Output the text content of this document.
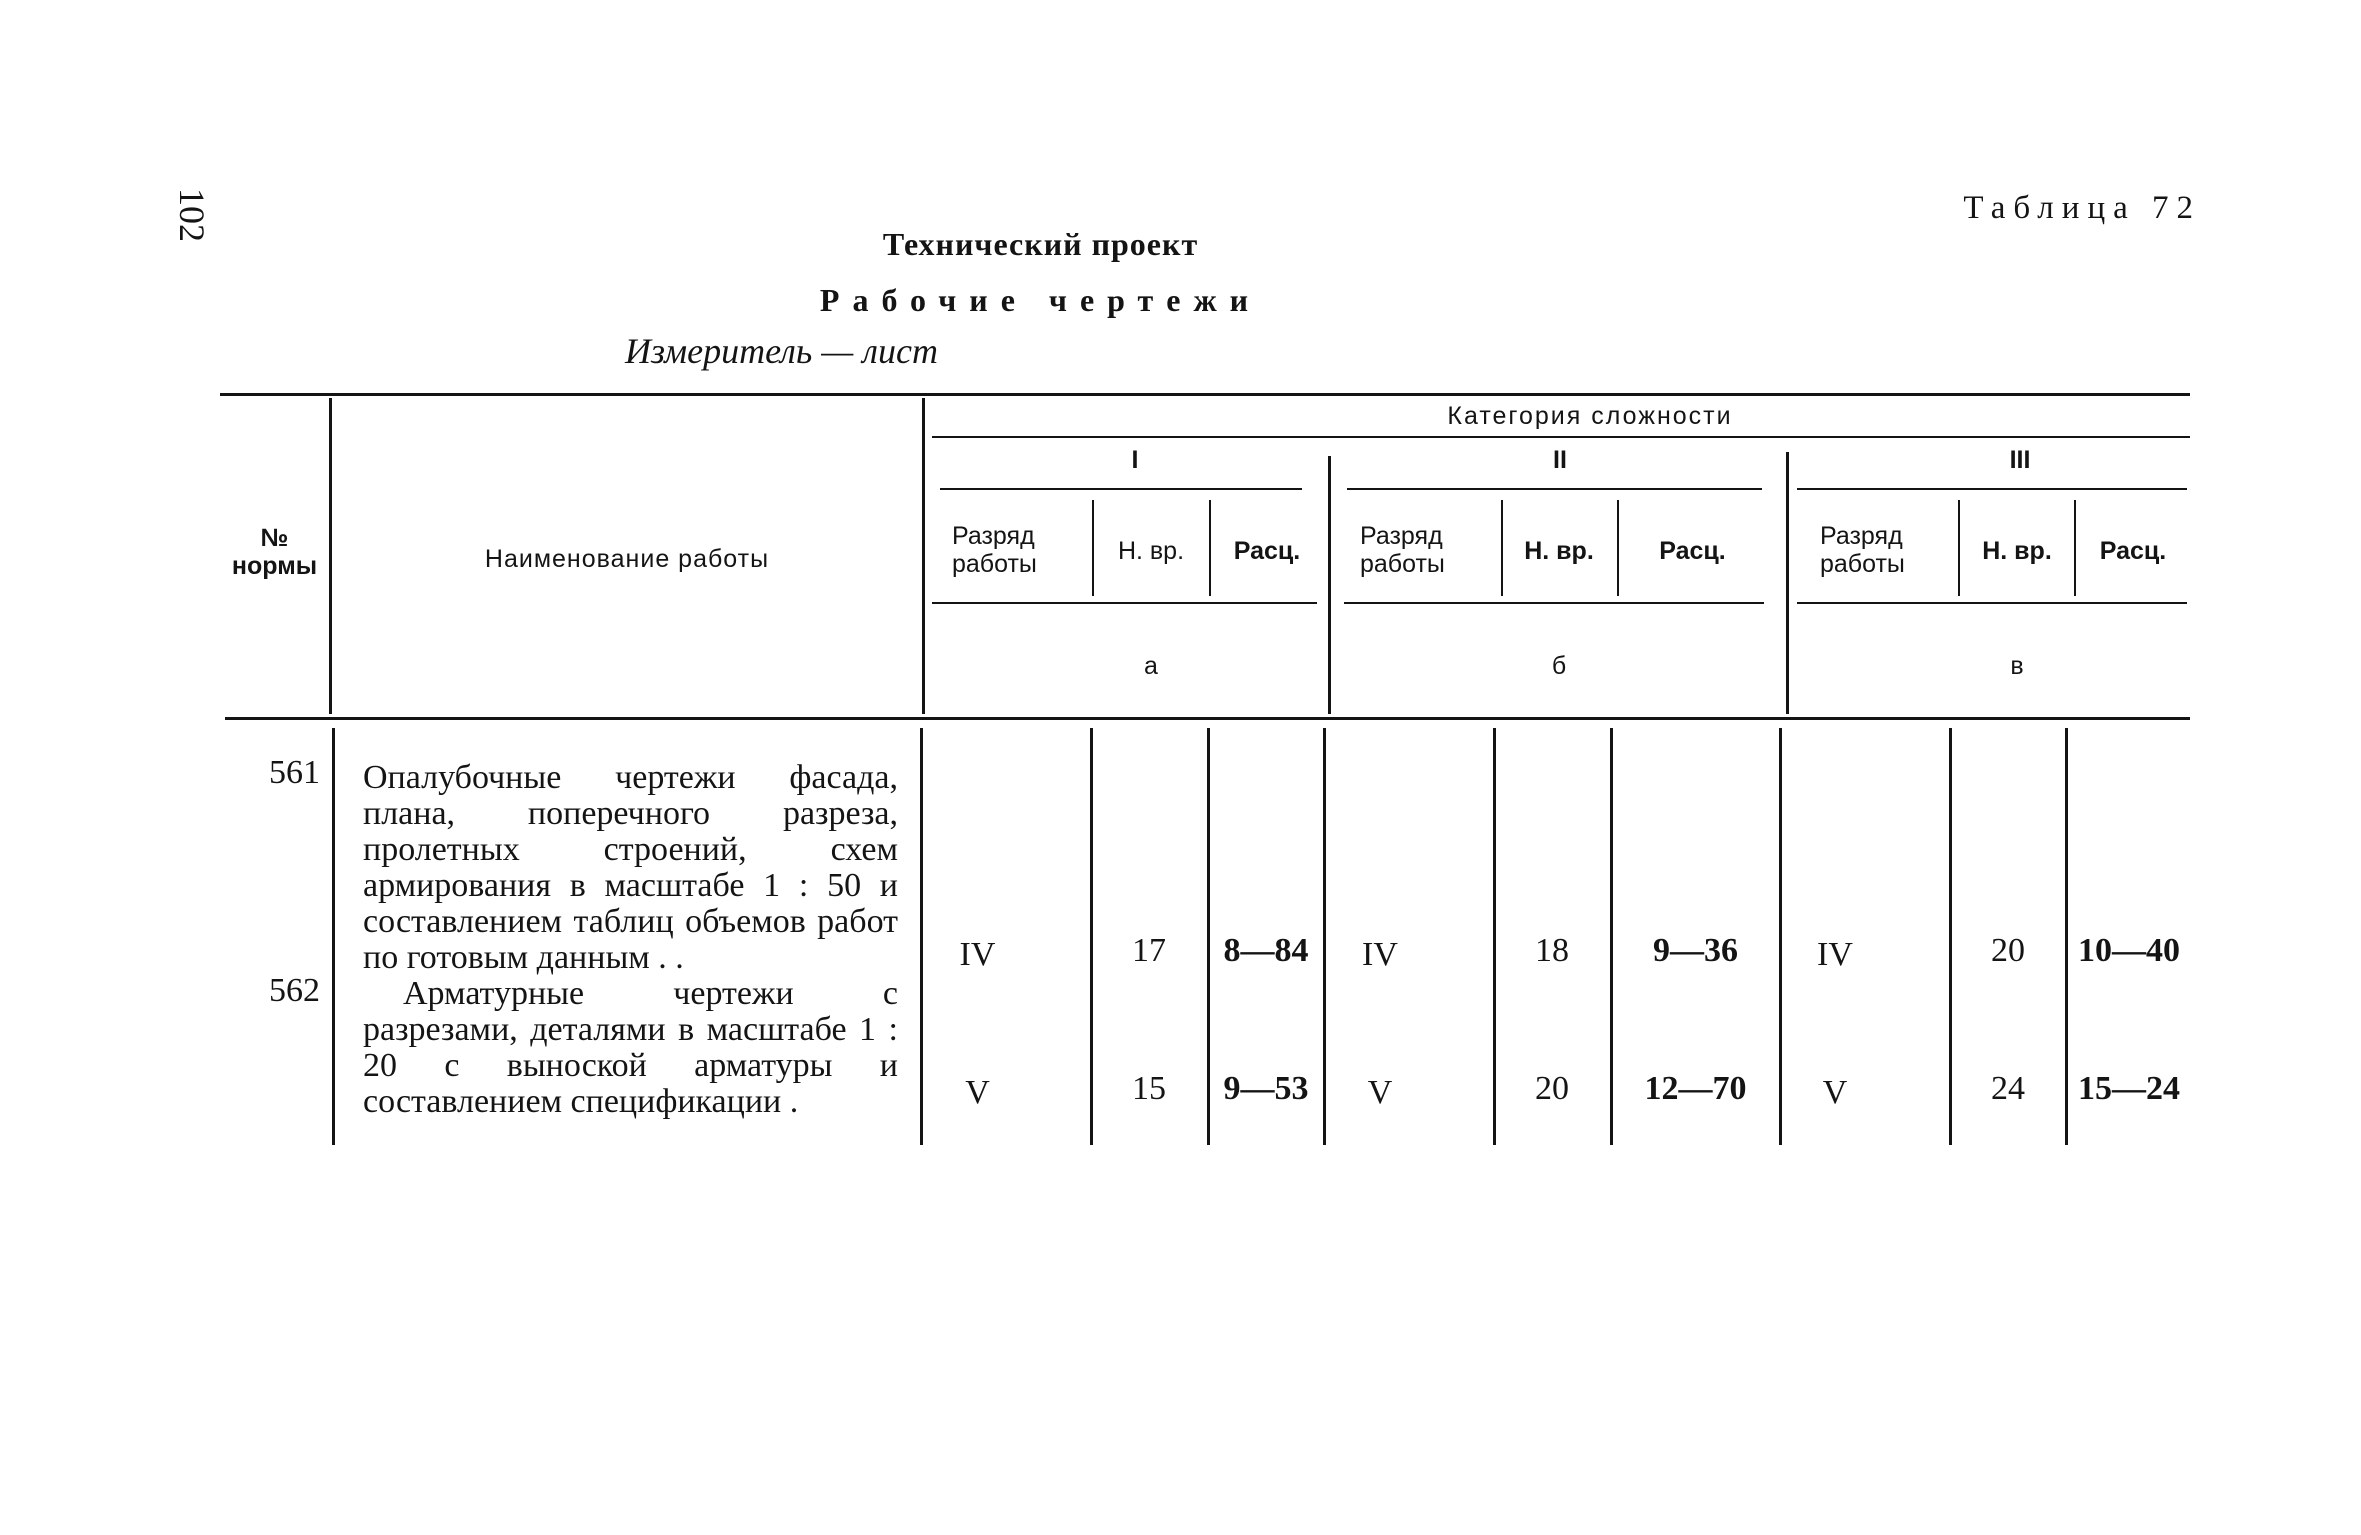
102	Таблица 72
Технический проект
Рабочие чертежи
Измеритель — лист
№ нормы	Наименование работы
Категория сложности
I
Разряд работы	Н. вр.	Расц.
а
II
Разряд работы	Н. вр.	Расц.
б
III
Разряд работы	Н. вр.	Расц.
в
561 Опалубочные чертежи фасада, плана, поперечного разреза, пролетных строений, схем армирования в масштабе 1 : 50 и составлением таблиц объемов работ по готовым данным . .	IV	17	8—84	IV	18	9—36	IV	20	10—40
562	Арматурные чертежи с разрезами, деталями в масштабе 1 : 20 с выноской арматуры и составлением спецификации .	V	15	9—53	V	20	12—70	V	24	15—24
